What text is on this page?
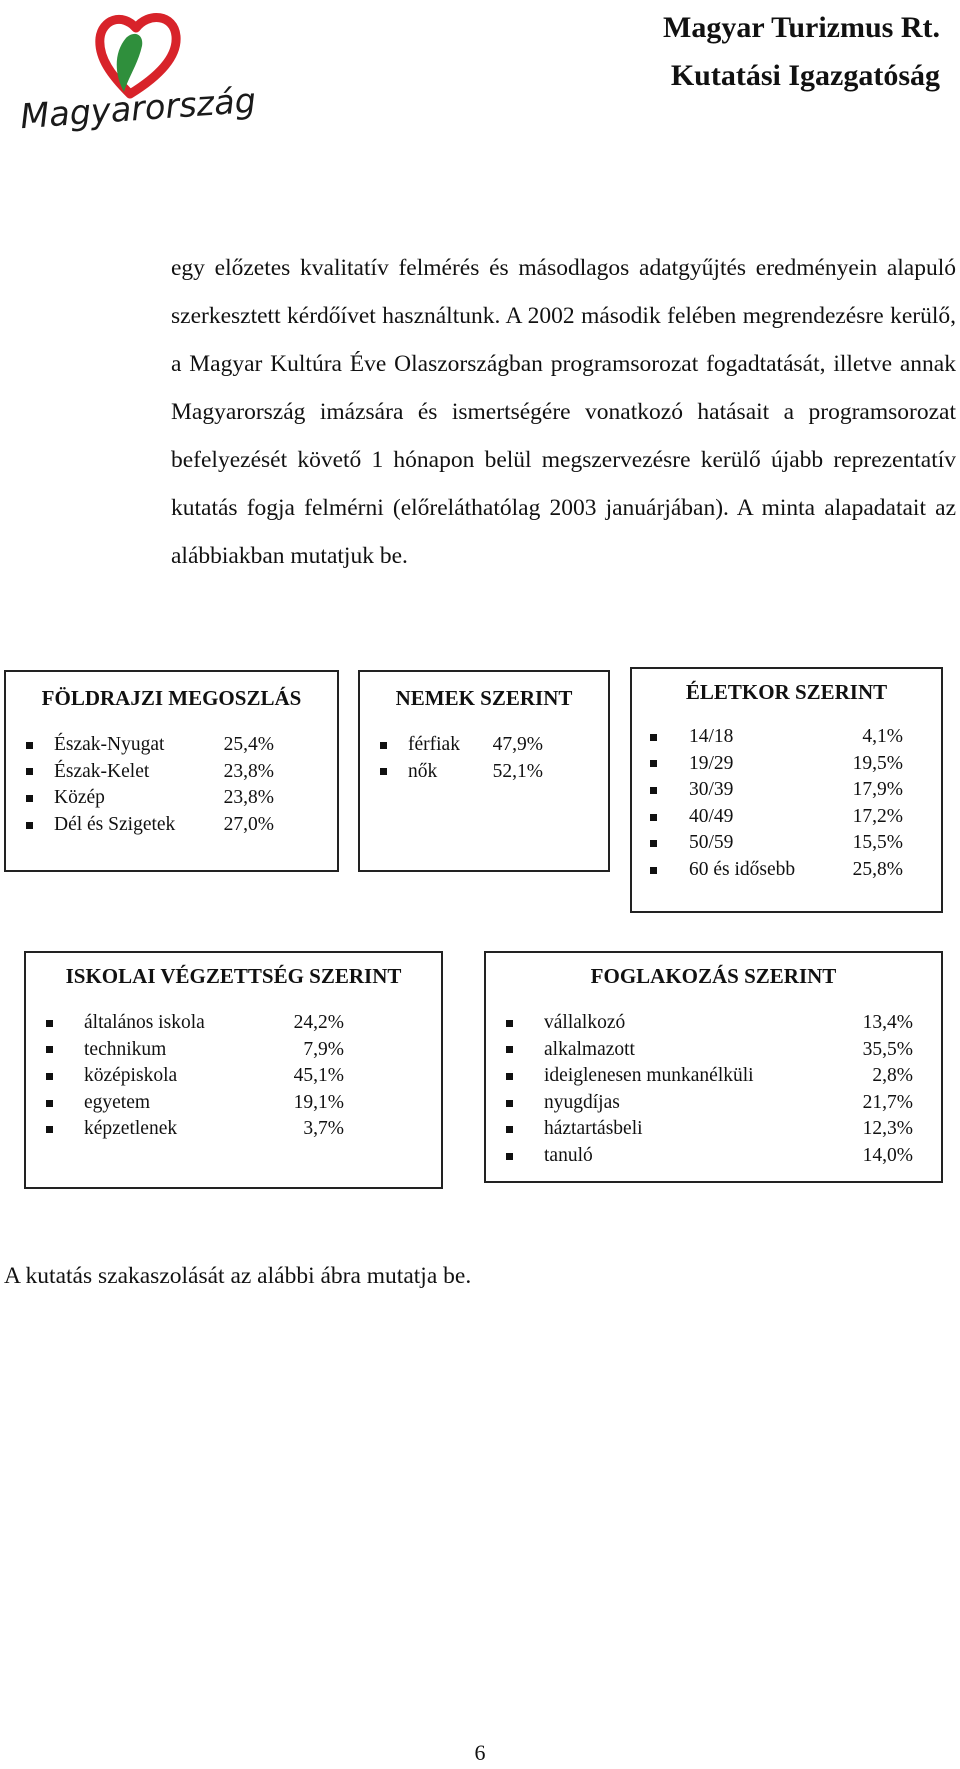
Magyarország
Magyar Turizmus Rt.
Kutatási Igazgatóság

egy előzetes kvalitatív felmérés és másodlagos adatgyűjtés eredményein alapuló szerkesztett kérdőívet használtunk. A 2002 második felében megrendezésre kerülő, a Magyar Kultúra Éve Olaszországban programsorozat fogadtatását, illetve annak Magyarország imázsára és ismertségére vonatkozó hatásait a programsorozat befelyezését követő 1 hónapon belül megszervezésre kerülő újabb reprezentatív kutatás fogja felmérni (előreláthatólag 2003 januárjában). A minta alapadatait az alábbiakban mutatjuk be.

FÖLDRAJZI MEGOSZLÁS
Észak-Nyugat	25,4%
Észak-Kelet	23,8%
Közép	23,8%
Dél és Szigetek	27,0%
NEMEK SZERINT
férfiak	47,9%
nők	52,1%
ÉLETKOR SZERINT
14/18	4,1%
19/29	19,5%
30/39	17,9%
40/49	17,2%
50/59	15,5%
60 és idősebb	25,8%
ISKOLAI VÉGZETTSÉG SZERINT
általános iskola	24,2%
technikum	7,9%
középiskola	45,1%
egyetem	19,1%
képzetlenek	3,7%
FOGLAKOZÁS SZERINT
vállalkozó	13,4%
alkalmazott	35,5%
ideiglenesen munkanélküli	2,8%
nyugdíjas	21,7%
háztartásbeli	12,3%
tanuló	14,0%

A kutatás szakaszolását az alábbi ábra mutatja be.

6
